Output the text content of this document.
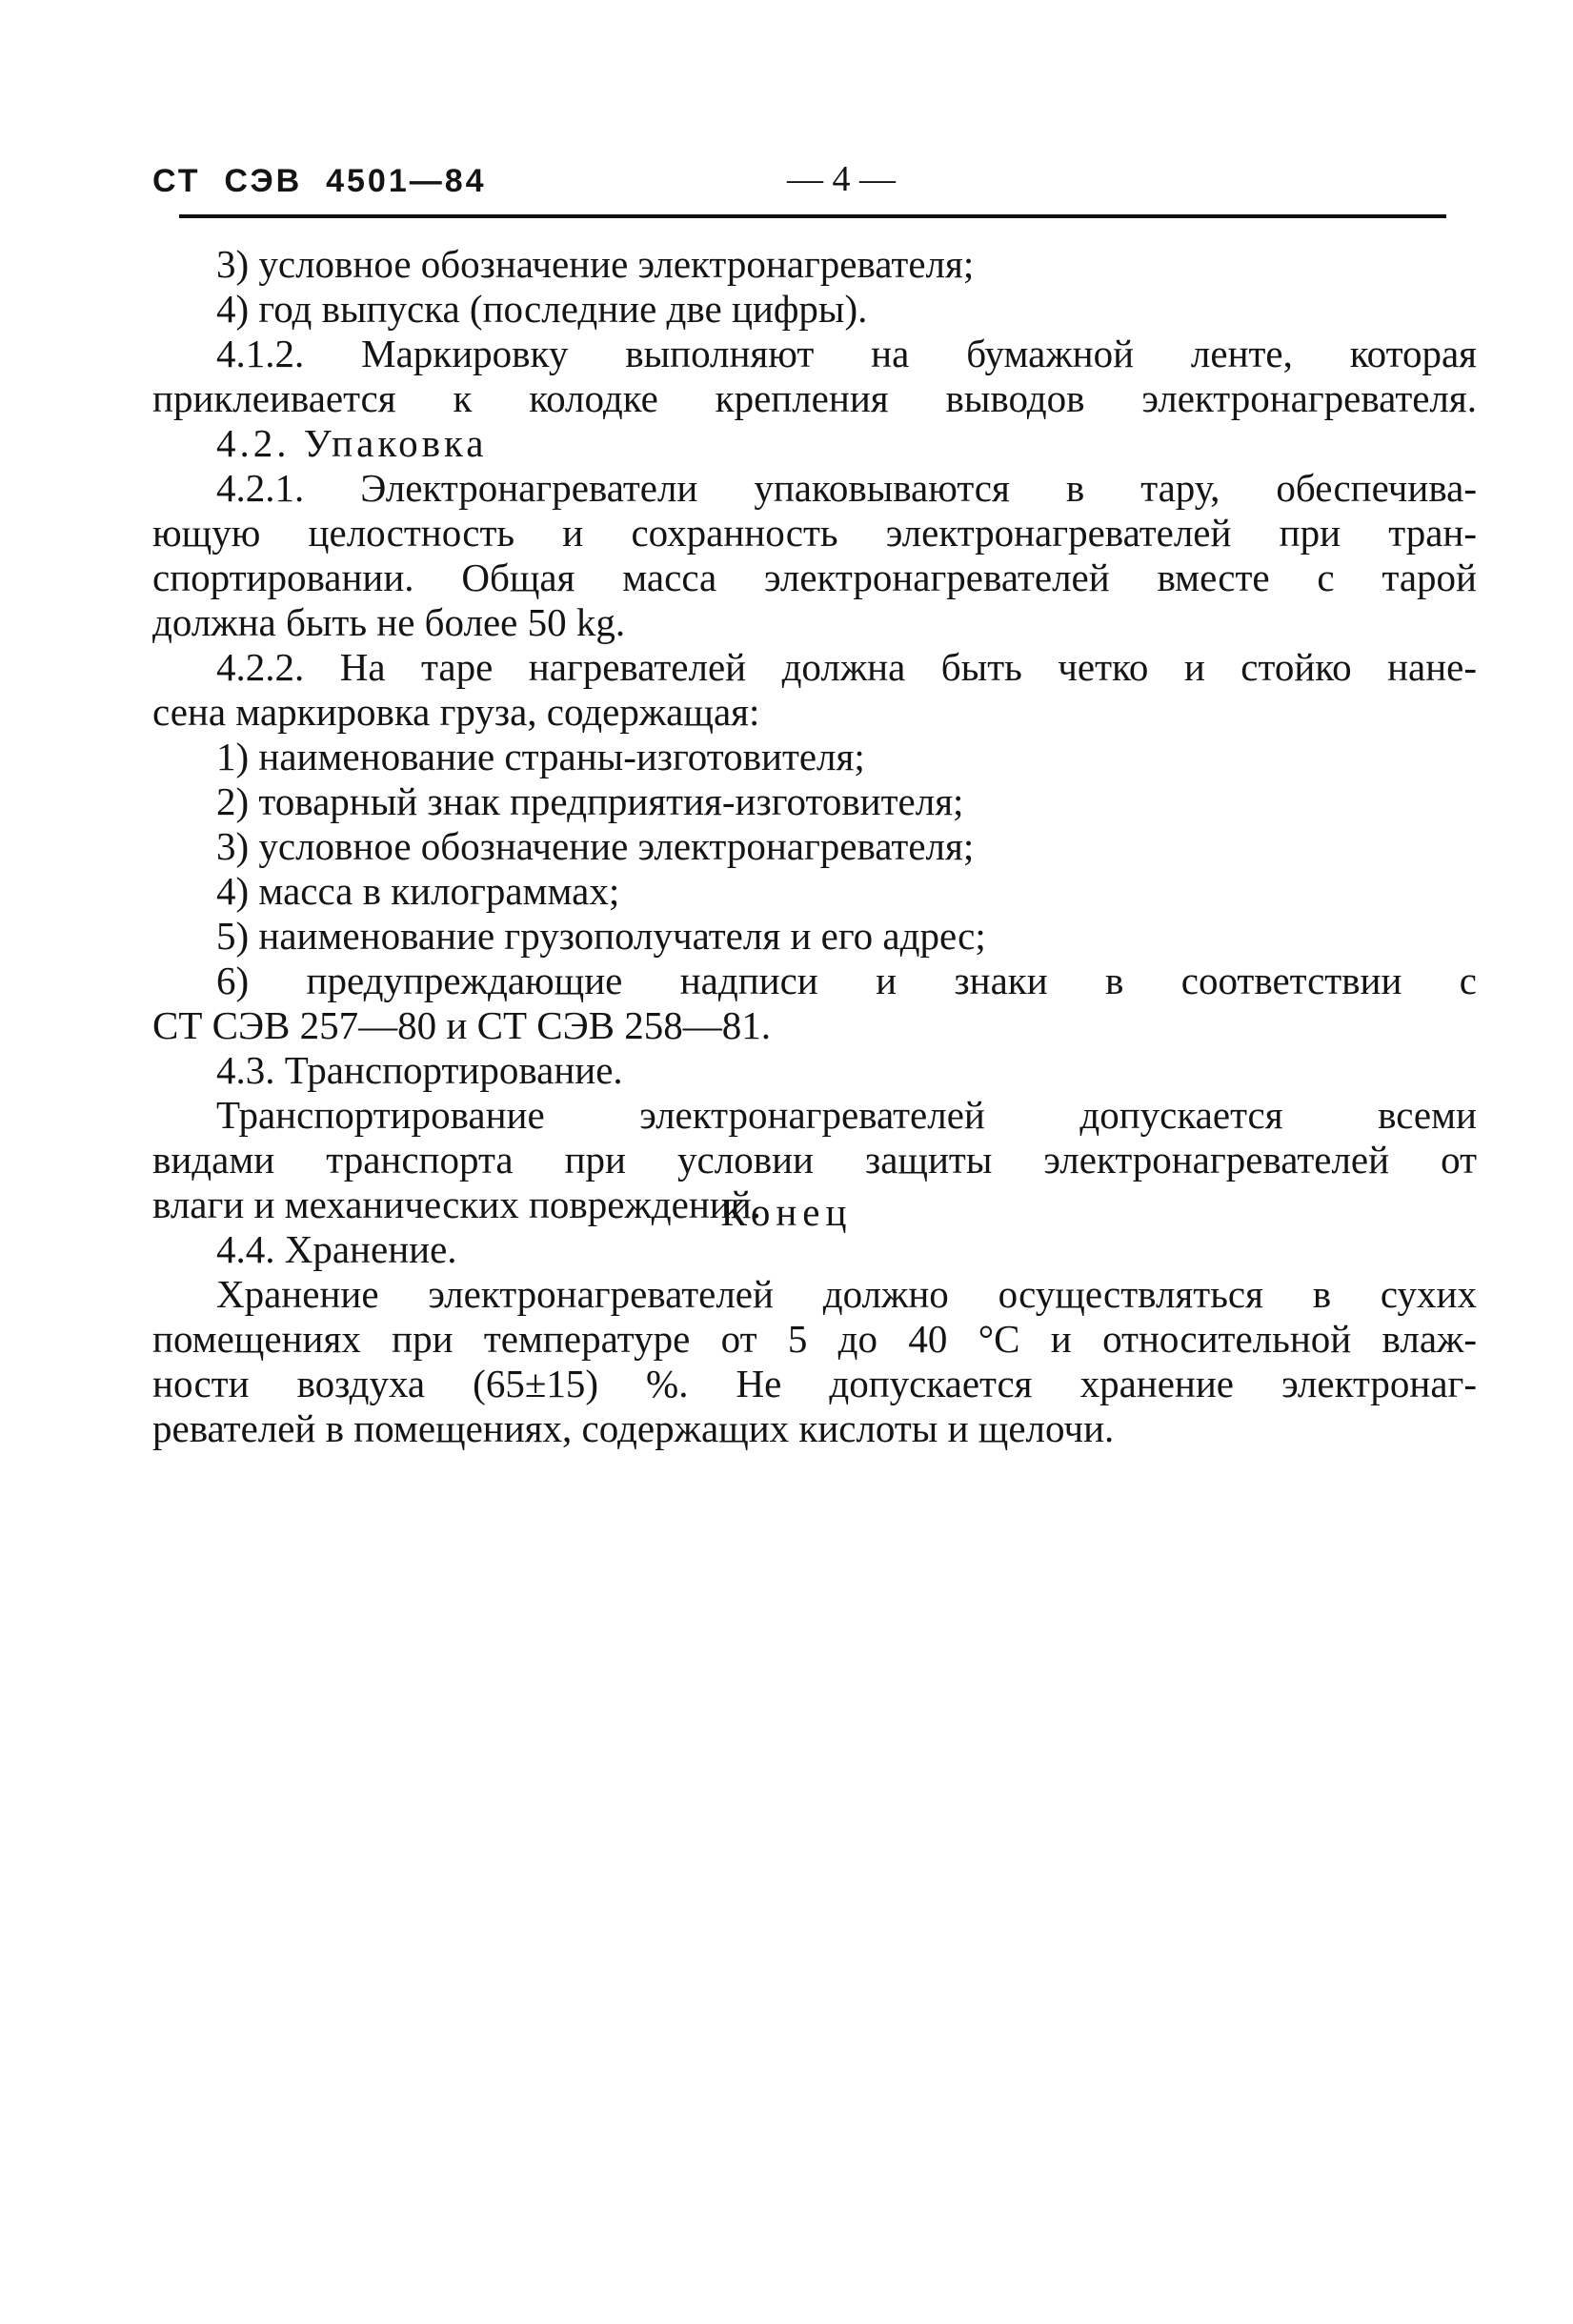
СТ  СЭВ  4501—84	— 4 —
3) условное обозначение электронагревателя;
4) год выпуска (последние две цифры).
4.1.2. Маркировку выполняют на бумажной ленте, которая
приклеивается к колодке крепления выводов электронагревателя.
4.2. Упаковка
4.2.1. Электронагреватели упаковываются в тару, обеспечива-
ющую целостность и сохранность электронагревателей при тран-
спортировании. Общая масса электронагревателей вместе с тарой
должна быть не более 50 kg.
4.2.2. На таре нагревателей должна быть четко и стойко нане-
сена маркировка груза, содержащая:
1) наименование страны-изготовителя;
2) товарный знак предприятия-изготовителя;
3) условное обозначение электронагревателя;
4) масса в килограммах;
5) наименование грузополучателя и его адрес;
6) предупреждающие надписи и знаки в соответствии с
СТ СЭВ 257—80 и СТ СЭВ 258—81.
4.3. Транспортирование.
Транспортирование электронагревателей допускается всеми
видами транспорта при условии защиты электронагревателей от
влаги и механических повреждений.
4.4. Хранение.
Хранение электронагревателей должно осуществляться в сухих
помещениях при температуре от 5 до 40 °С и относительной влаж-
ности воздуха (65±15) %. Не допускается хранение электронаг-
ревателей в помещениях, содержащих кислоты и щелочи.
Конец
